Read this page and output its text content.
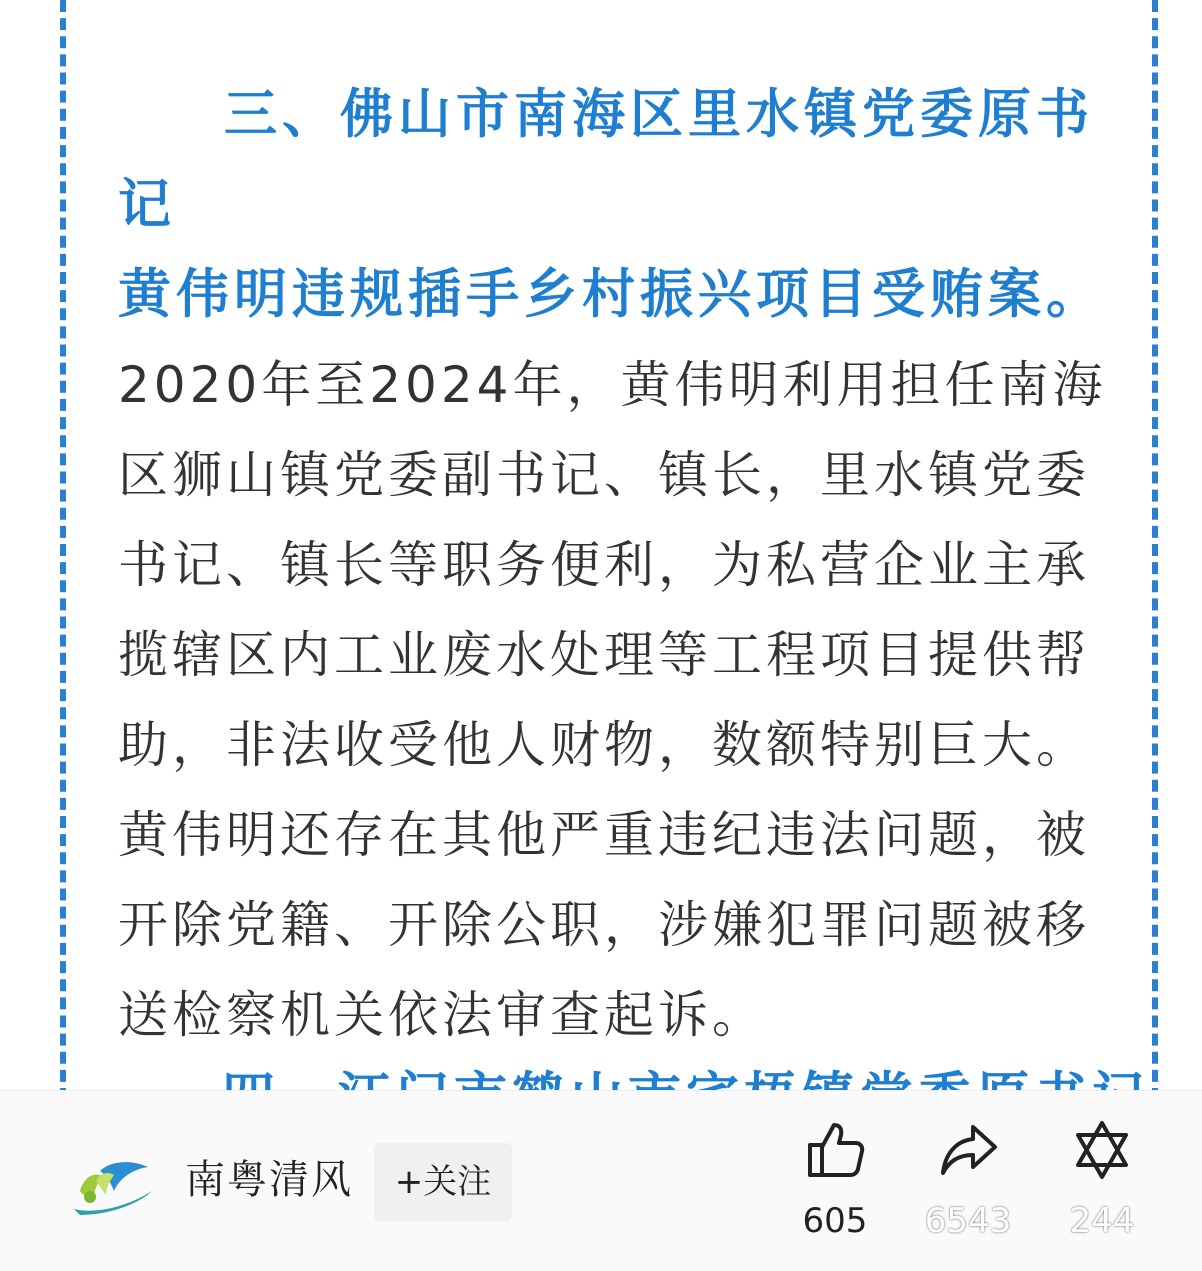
三、佛山市南海区里水镇党委原书记
黄伟明违规插手乡村振兴项目受贿案。

2020年至2024年，黄伟明利用担任南海区狮山镇党委副书记、镇长，里水镇党委书记、镇长等职务便利，为私营企业主承揽辖区内工业废水处理等工程项目提供帮助，非法收受他人财物，数额特别巨大。黄伟明还存在其他严重违纪违法问题，被开除党籍、开除公职，涉嫌犯罪问题被移送检察机关依法审查起诉。

南粤清风	+关注
605	6543	244
